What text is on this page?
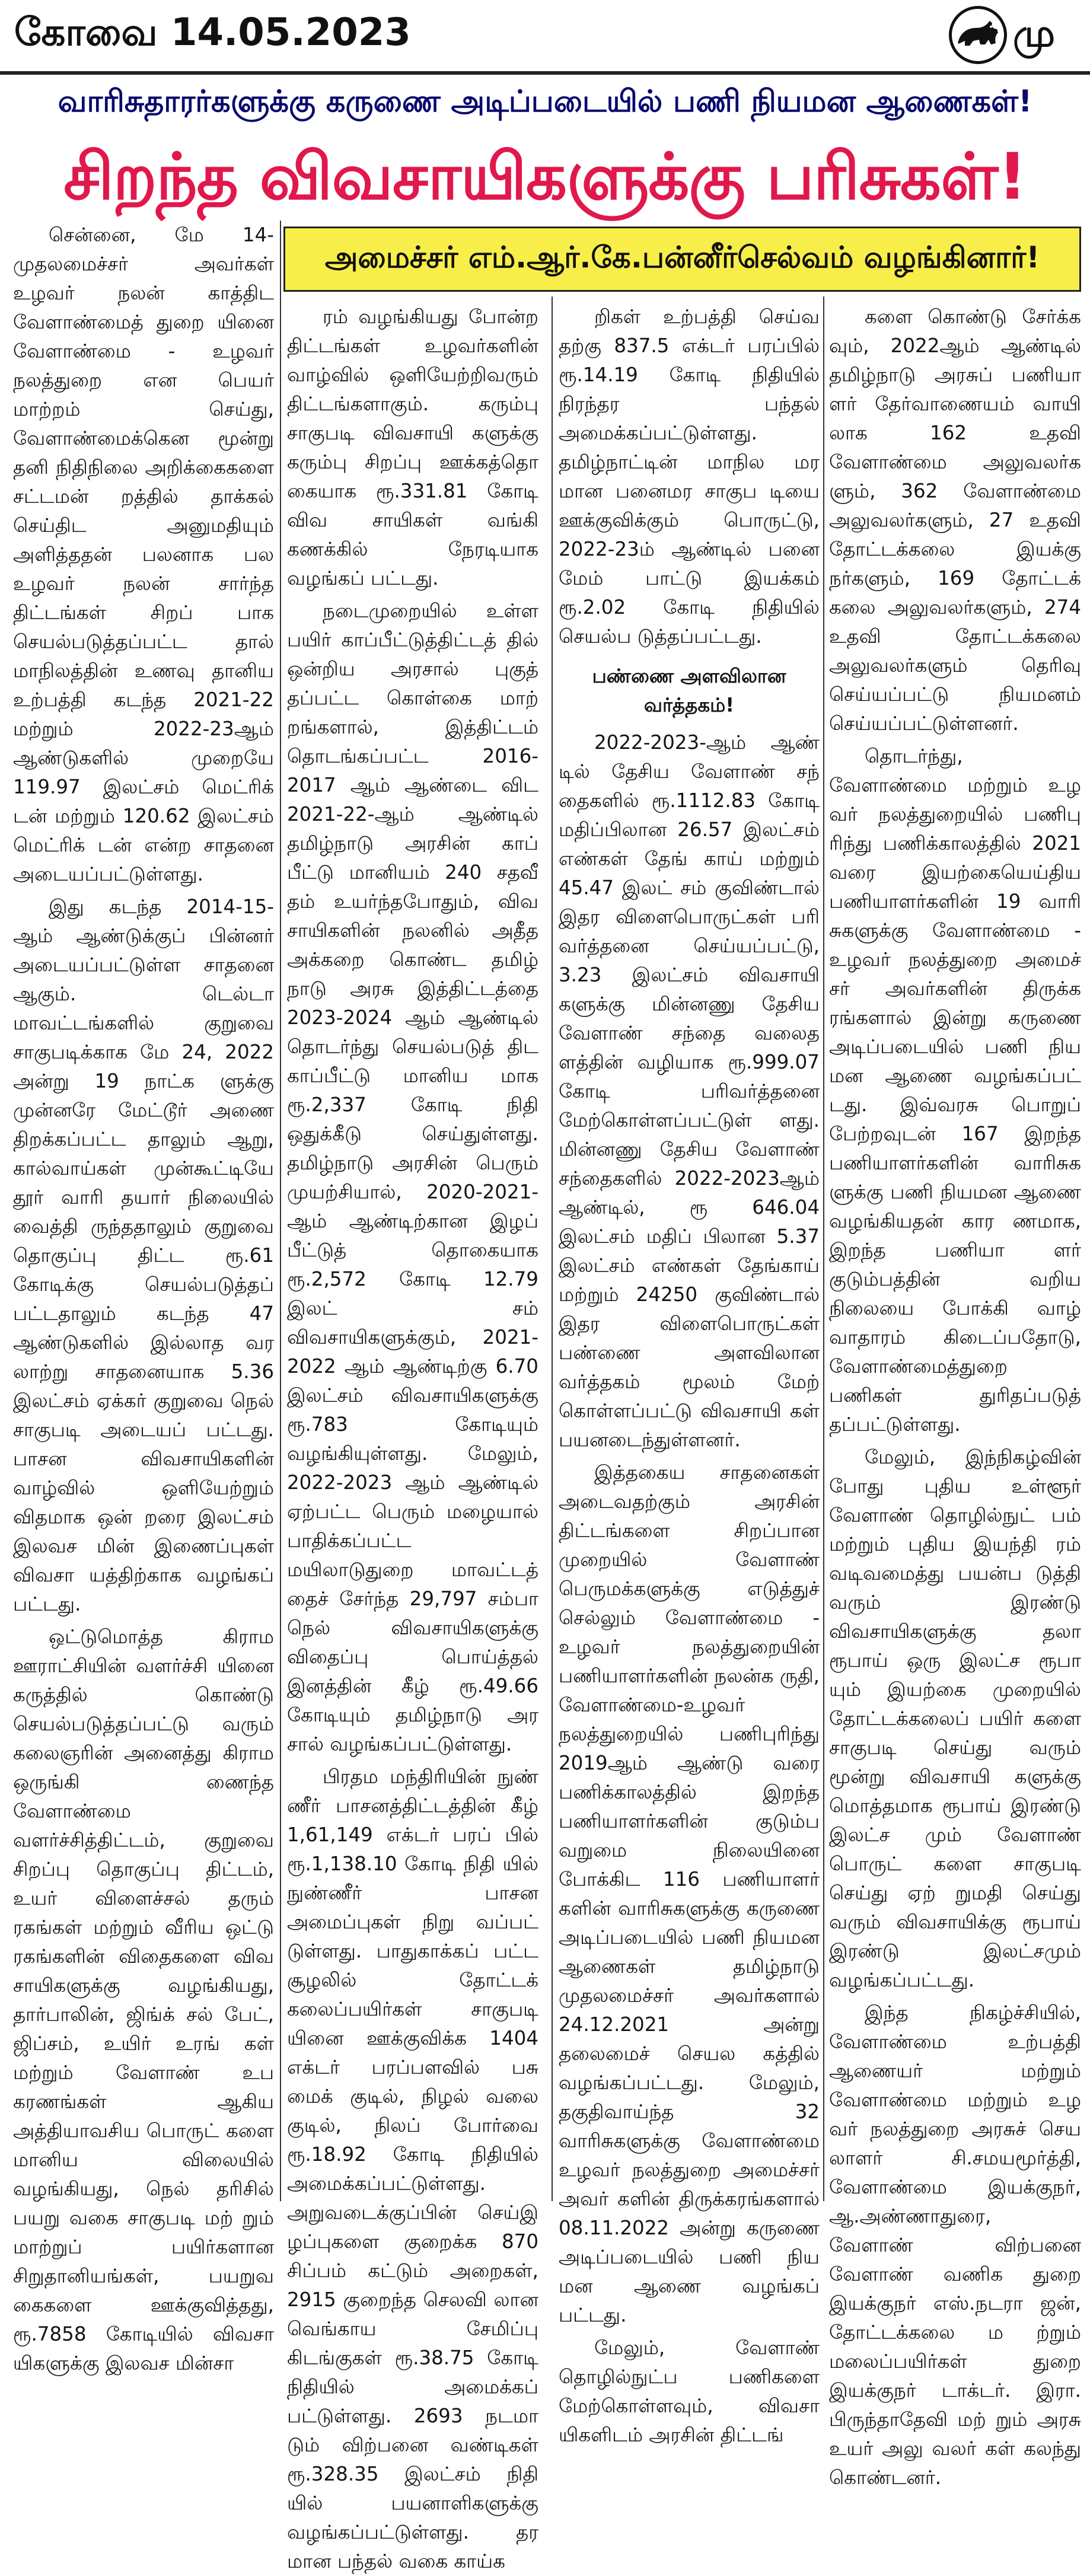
கோவை 14.05.2023	மு
வாரிசுதாரர்களுக்கு கருணை அடிப்படையில் பணி நியமன ஆணைகள்!
சிறந்த விவசாயிகளுக்கு பரிசுகள்!
அமைச்சர் எம்.ஆர்.கே.பன்னீர்செல்வம் வழங்கினார்!

சென்னை, மே 14- முதலமைச்சர் அவர்கள் உழவர் நலன் காத்திட வேளாண்மைத் துறை யினை வேளாண்மை - உழவர் நலத்துறை என பெயர் மாற்றம் செய்து, வேளாண்மைக்கென மூன்று தனி நிதிநிலை அறிக்கைகளை சட்டமன் றத்தில் தாக்கல் செய்திட அனுமதியும் அளித்ததன் பலனாக பல உழவர் நலன் சார்ந்த திட்டங்கள் சிறப் பாக செயல்படுத்தப்பட்ட தால் மாநிலத்தின் உணவு தானிய உற்பத்தி கடந்த 2021-22 மற்றும் 2022-23ஆம் ஆண்டுகளில் முறையே 119.97 இலட்சம் மெட்ரிக் டன் மற்றும் 120.62 இலட்சம் மெட்ரிக் டன் என்ற சாதனை அடையப்பட்டுள்ளது.

இது கடந்த 2014-15-ஆம் ஆண்டுக்குப் பின்னர் அடையப்பட்டுள்ள சாதனை ஆகும். டெல்டா மாவட்டங்களில் குறுவை சாகுபடிக்காக மே 24, 2022 அன்று 19 நாட்க ளுக்கு முன்னரே மேட்டூர் அணை திறக்கப்பட்ட தாலும் ஆறு, கால்வாய்கள் முன்கூட்டியே தூர் வாரி தயார் நிலையில் வைத்தி ருந்ததாலும் குறுவை தொகுப்பு திட்ட ரூ.61 கோடிக்கு செயல்படுத்தப் பட்டதாலும் கடந்த 47 ஆண்டுகளில் இல்லாத வர லாற்று சாதனையாக 5.36 இலட்சம் ஏக்கர் குறுவை நெல் சாகுபடி அடையப் பட்டது. பாசன விவசாயிகளின் வாழ்வில் ஒளியேற்றும் விதமாக ஒன் றரை இலட்சம் இலவச மின் இணைப்புகள் விவசா யத்திற்காக வழங்கப் பட்டது.

ஒட்டுமொத்த கிராம ஊராட்சியின் வளர்ச்சி யினை கருத்தில் கொண்டு செயல்படுத்தப்பட்டு வரும் கலைஞரின் அனைத்து கிராம ஒருங்கி ணைந்த வேளாண்மை வளர்ச்சித்திட்டம், குறுவை சிறப்பு தொகுப்பு திட்டம், உயர் விளைச்சல் தரும் ரகங்கள் மற்றும் வீரிய ஒட்டு ரகங்களின் விதைகளை விவ சாயிகளுக்கு வழங்கியது, தார்பாலின், ஜிங்க் சல் பேட், ஜிப்சம், உயிர் உரங் கள் மற்றும் வேளாண் உப கரணங்கள் ஆகிய அத்தியாவசிய பொருட் களை மானிய விலையில் வழங்கியது, நெல் தரிசில் பயறு வகை சாகுபடி மற் றும் மாற்றுப் பயிர்களான சிறுதானியங்கள், பயறுவ கைகளை ஊக்குவித்தது, ரூ.7858 கோடியில் விவசா யிகளுக்கு இலவச மின்சா

ரம் வழங்கியது போன்ற திட்டங்கள் உழவர்களின் வாழ்வில் ஒளியேற்றிவரும் திட்டங்களாகும். கரும்பு சாகுபடி விவசாயி களுக்கு கரும்பு சிறப்பு ஊக்கத்தொ கையாக ரூ.331.81 கோடி விவ சாயிகள் வங்கி கணக்கில் நேரடியாக வழங்கப் பட்டது.

நடைமுறையில் உள்ள பயிர் காப்பீட்டுத்திட்டத் தில் ஒன்றிய அரசால் புகுத் தப்பட்ட கொள்கை மாற் றங்களால், இத்திட்டம் தொடங்கப்பட்ட 2016-2017 ஆம் ஆண்டை விட 2021-22-ஆம் ஆண்டில் தமிழ்நாடு அரசின் காப் பீட்டு மானியம் 240 சதவீ தம் உயர்ந்தபோதும், விவ சாயிகளின் நலனில் அதீத அக்கறை கொண்ட தமிழ் நாடு அரசு இத்திட்டத்தை 2023-2024 ஆம் ஆண்டில் தொடர்ந்து செயல்படுத் திட காப்பீட்டு மானிய மாக ரூ.2,337 கோடி நிதி ஒதுக்கீடு செய்துள்ளது. தமிழ்நாடு அரசின் பெரும் முயற்சியால், 2020-2021-ஆம் ஆண்டிற்கான இழப் பீட்டுத் தொகையாக ரூ.2,572 கோடி 12.79 இலட் சம் விவசாயிகளுக்கும், 2021-2022 ஆம் ஆண்டிற்கு 6.70 இலட்சம் விவசாயிகளுக்கு ரூ.783 கோடியும் வழங்கியுள்ளது. மேலும், 2022-2023 ஆம் ஆண்டில் ஏற்பட்ட பெரும் மழையால் பாதிக்கப்பட்ட மயிலாடுதுறை மாவட்டத் தைச் சேர்ந்த 29,797 சம்பா நெல் விவசாயிகளுக்கு விதைப்பு பொய்த்தல் இனத்தின் கீழ் ரூ.49.66 கோடியும் தமிழ்நாடு அர சால் வழங்கப்பட்டுள்ளது.

பிரதம மந்திரியின் நுண் ணீர் பாசனத்திட்டத்தின் கீழ் 1,61,149 எக்டர் பரப் பில் ரூ.1,138.10 கோடி நிதி யில் நுண்ணீர் பாசன அமைப்புகள் நிறு வப்பட் டுள்ளது. பாதுகாக்கப் பட்ட சூழலில் தோட்டக் கலைப்பயிர்கள் சாகுபடி யினை ஊக்குவிக்க 1404 எக்டர் பரப்பளவில் பசு மைக் குடில், நிழல் வலை குடில், நிலப் போர்வை ரூ.18.92 கோடி நிதியில் அமைக்கப்பட்டுள்ளது. அறுவடைக்குப்பின் செய்இ ழப்புகளை குறைக்க 870 சிப்பம் கட்டும் அறைகள், 2915 குறைந்த செலவி லான வெங்காய சேமிப்பு கிடங்குகள் ரூ.38.75 கோடி நிதியில் அமைக்கப் பட்டுள்ளது. 2693 நடமா டும் விற்பனை வண்டிகள் ரூ.328.35 இலட்சம் நிதி யில் பயனாளிகளுக்கு வழங்கப்பட்டுள்ளது. தர மான பந்தல் வகை காய்க

றிகள் உற்பத்தி செய்வ தற்கு 837.5 எக்டர் பரப்பில் ரூ.14.19 கோடி நிதியில் நிரந்தர பந்தல் அமைக்கப்பட்டுள்ளது. தமிழ்நாட்டின் மாநில மர மான பனைமர சாகுப டியை ஊக்குவிக்கும் பொருட்டு, 2022-23ம் ஆண்டில் பனை மேம் பாட்டு இயக்கம் ரூ.2.02 கோடி நிதியில் செயல்ப டுத்தப்பட்டது.

பண்ணை அளவிலான வர்த்தகம்!

2022-2023-ஆம் ஆண் டில் தேசிய வேளாண் சந் தைகளில் ரூ.1112.83 கோடி மதிப்பிலான 26.57 இலட்சம் எண்கள் தேங் காய் மற்றும் 45.47 இலட் சம் குவிண்டால் இதர விளைபொருட்கள் பரி வர்த்தனை செய்யப்பட்டு, 3.23 இலட்சம் விவசாயி களுக்கு மின்னணு தேசிய வேளாண் சந்தை வலைத ளத்தின் வழியாக ரூ.999.07 கோடி பரிவர்த்தனை மேற்கொள்ளப்பட்டுள் ளது. மின்னணு தேசிய வேளாண் சந்தைகளில் 2022-2023ஆம் ஆண்டில், ரூ 646.04 இலட்சம் மதிப் பிலான 5.37 இலட்சம் எண்கள் தேங்காய் மற்றும் 24250 குவிண்டால் இதர விளைபொருட்கள் பண்ணை அளவிலான வர்த்தகம் மூலம் மேற் கொள்ளப்பட்டு விவசாயி கள் பயனடைந்துள்ளனர்.

இத்தகைய சாதனைகள் அடைவதற்கும் அரசின் திட்டங்களை சிறப்பான முறையில் வேளாண் பெருமக்களுக்கு எடுத்துச் செல்லும் வேளாண்மை - உழவர் நலத்துறையின் பணியாளர்களின் நலன்க ருதி, வேளாண்மை-உழவர் நலத்துறையில் பணிபுரிந்து 2019ஆம் ஆண்டு வரை பணிக்காலத்தில் இறந்த பணியாளர்களின் குடும்ப வறுமை நிலையினை போக்கிட 116 பணியாளர் களின் வாரிசுகளுக்கு கருணை அடிப்படையில் பணி நியமன ஆணைகள் தமிழ்நாடு முதலமைச்சர் அவர்களால் 24.12.2021 அன்று தலைமைச் செயல கத்தில் வழங்கப்பட்டது. மேலும், தகுதிவாய்ந்த 32 வாரிசுகளுக்கு வேளாண்மை உழவர் நலத்துறை அமைச்சர் அவர் களின் திருக்கரங்களால் 08.11.2022 அன்று கருணை அடிப்படையில் பணி நிய மன ஆணை வழங்கப் பட்டது.

மேலும், வேளாண் தொழில்நுட்ப பணிகளை மேற்கொள்ளவும், விவசா யிகளிடம் அரசின் திட்டங்

களை கொண்டு சேர்க்க வும், 2022ஆம் ஆண்டில் தமிழ்நாடு அரசுப் பணியா ளர் தேர்வாணையம் வாயி லாக 162 உதவி வேளாண்மை அலுவலர்க ளும், 362 வேளாண்மை அலுவலர்களும், 27 உதவி தோட்டக்கலை இயக்கு நர்களும், 169 தோட்டக் கலை அலுவலர்களும், 274 உதவி தோட்டக்கலை அலுவலர்களும் தெரிவு செய்யப்பட்டு நியமனம் செய்யப்பட்டுள்ளனர்.

தொடர்ந்து, வேளாண்மை மற்றும் உழ வர் நலத்துறையில் பணிபு ரிந்து பணிக்காலத்தில் 2021 வரை இயற்கையெய்திய பணியாளர்களின் 19 வாரி சுகளுக்கு வேளாண்மை - உழவர் நலத்துறை அமைச் சர் அவர்களின் திருக்க ரங்களால் இன்று கருணை அடிப்படையில் பணி நிய மன ஆணை வழங்கப்பட் டது. இவ்வரசு பொறுப் பேற்றவுடன் 167 இறந்த பணியாளர்களின் வாரிசுக ளுக்கு பணி நியமன ஆணை வழங்கியதன் கார ணமாக, இறந்த பணியா ளர் குடும்பத்தின் வறிய நிலையை போக்கி வாழ் வாதாரம் கிடைப்பதோடு, வேளாண்மைத்துறை பணிகள் துரிதப்படுத் தப்பட்டுள்ளது.

மேலும், இந்நிகழ்வின் போது புதிய உள்ளூர் வேளாண் தொழில்நுட் பம் மற்றும் புதிய இயந்தி ரம் வடிவமைத்து பயன்ப டுத்தி வரும் இரண்டு விவசாயிகளுக்கு தலா ரூபாய் ஒரு இலட்ச ரூபா யும் இயற்கை முறையில் தோட்டக்கலைப் பயிர் களை சாகுபடி செய்து வரும் மூன்று விவசாயி களுக்கு மொத்தமாக ரூபாய் இரண்டு இலட்ச மும் வேளாண் பொருட் களை சாகுபடி செய்து ஏற் றுமதி செய்து வரும் விவசாயிக்கு ரூபாய் இரண்டு இலட்சமும் வழங்கப்பட்டது.

இந்த நிகழ்ச்சியில், வேளாண்மை உற்பத்தி ஆணையர் மற்றும் வேளாண்மை மற்றும் உழ வர் நலத்துறை அரசுச் செய லாளர் சி.சமயமூர்த்தி, வேளாண்மை இயக்குநர், ஆ.அண்ணாதுரை, வேளாண் விற்பனை வேளாண் வணிக துறை இயக்குநர் எஸ்.நடரா ஜன், தோட்டக்கலை ம ற்றும் மலைப்பயிர்கள் துறை இயக்குநர் டாக்டர். இரா. பிருந்தாதேவி மற் றும் அரசு உயர் அலு வலர் கள் கலந்து கொண்டனர்.
